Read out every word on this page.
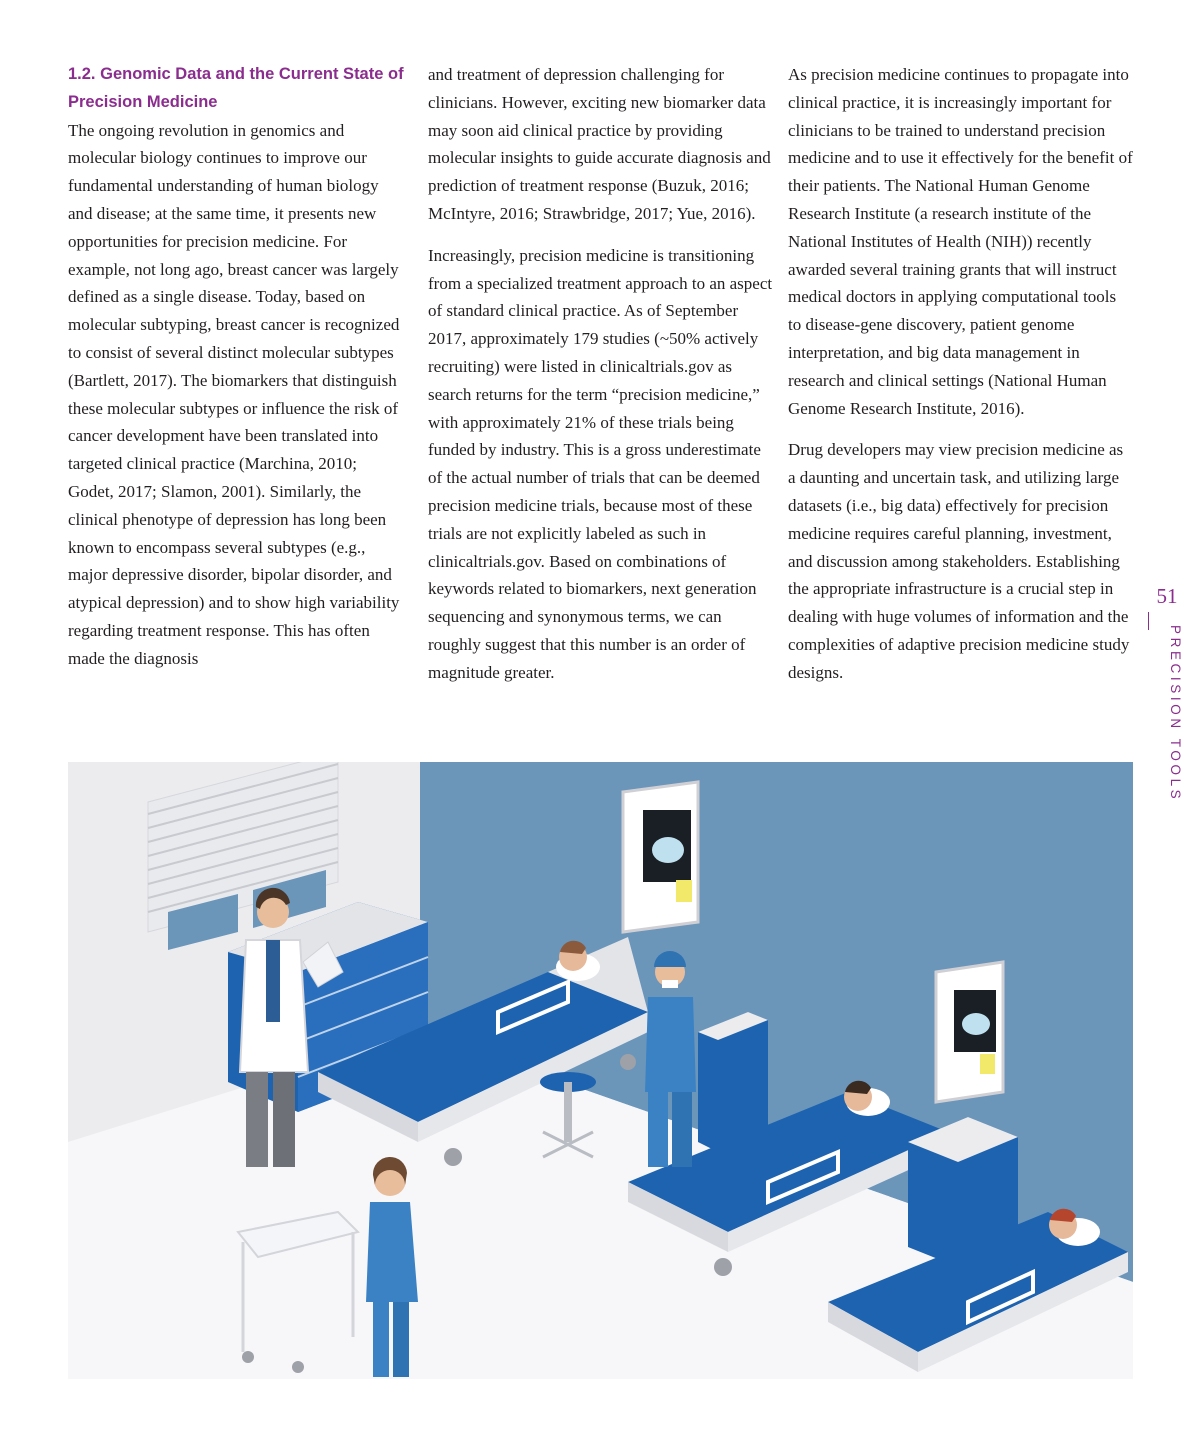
1.2. Genomic Data and the Current State of Precision Medicine

The ongoing revolution in genomics and molecular biology continues to improve our fundamental understanding of human biology and disease; at the same time, it presents new opportunities for precision medicine. For example, not long ago, breast cancer was largely defined as a single disease. Today, based on molecular subtyping, breast cancer is recognized to consist of several distinct molecular subtypes (Bartlett, 2017). The biomarkers that distinguish these molecular subtypes or influence the risk of cancer development have been translated into targeted clinical practice (Marchina, 2010; Godet, 2017; Slamon, 2001). Similarly, the clinical phenotype of depression has long been known to encompass several subtypes (e.g., major depressive disorder, bipolar disorder, and atypical depression) and to show high variability regarding treatment response. This has often made the diagnosis

and treatment of depression challenging for clinicians. However, exciting new biomarker data may soon aid clinical practice by providing molecular insights to guide accurate diagnosis and prediction of treatment response (Buzuk, 2016; McIntyre, 2016; Strawbridge, 2017; Yue, 2016).

Increasingly, precision medicine is transitioning from a specialized treatment approach to an aspect of standard clinical practice. As of September 2017, approximately 179 studies (~50% actively recruiting) were listed in clinicaltrials.gov as search returns for the term “precision medicine,” with approximately 21% of these trials being funded by industry. This is a gross underestimate of the actual number of trials that can be deemed precision medicine trials, because most of these trials are not explicitly labeled as such in clinicaltrials.gov. Based on combinations of keywords related to biomarkers, next generation sequencing and synonymous terms, we can roughly suggest that this number is an order of magnitude greater.

As precision medicine continues to propagate into clinical practice, it is increasingly important for clinicians to be trained to understand precision medicine and to use it effectively for the benefit of their patients. The National Human Genome Research Institute (a research institute of the National Institutes of Health (NIH)) recently awarded several training grants that will instruct medical doctors in applying computational tools to disease-gene discovery, patient genome interpretation, and big data management in research and clinical settings (National Human Genome Research Institute, 2016).

Drug developers may view precision medicine as a daunting and uncertain task, and utilizing large datasets (i.e., big data) effectively for precision medicine requires careful planning, investment, and discussion among stakeholders. Establishing the appropriate infrastructure is a crucial step in dealing with huge volumes of information and the complexities of adaptive precision medicine study designs.

51
PRECISION TOOLS
